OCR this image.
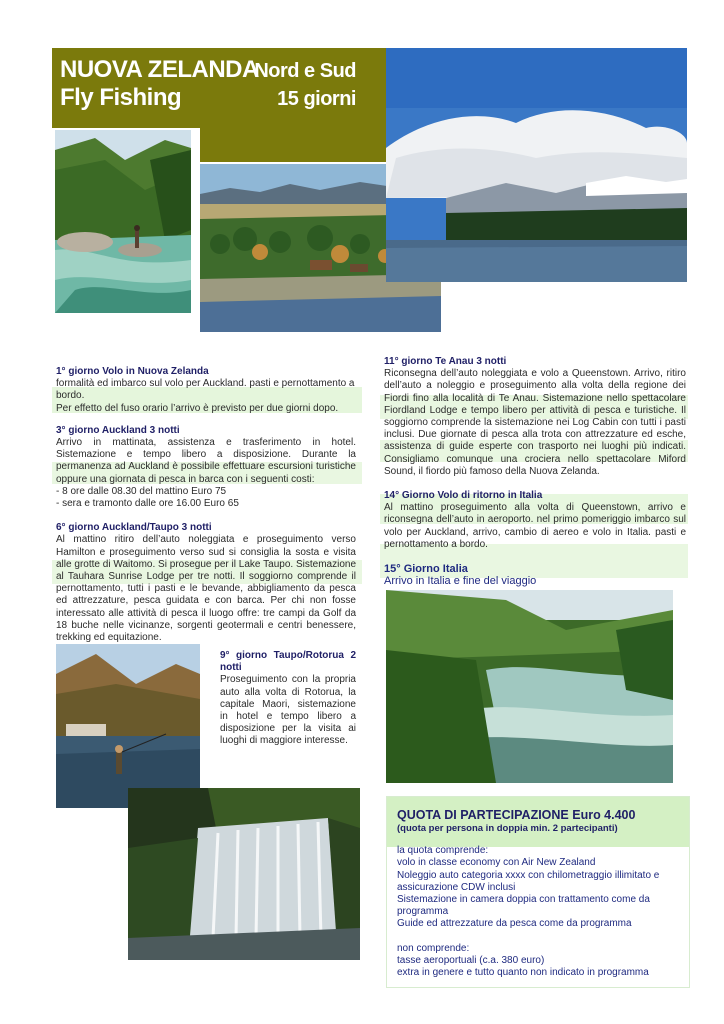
NUOVA ZELANDA
Nord e Sud
Fly Fishing	15 giorni

1° giorno Volo in Nuova Zelanda

formalità ed imbarco sul volo per Auckland. pasti e pernottamento a bordo.

Per effetto del fuso orario l’arrivo è previsto per due giorni dopo.

3° giorno Auckland 3 notti

Arrivo in mattinata, assistenza e trasferimento in hotel. Sistemazione e tempo libero a disposizione. Durante la permanenza ad Auckland è possibile effettuare escursioni turistiche oppure una giornata di pesca in barca con i seguenti costi:

- 8 ore dalle 08.30 del mattino Euro 75

- sera e tramonto dalle ore 16.00 Euro 65

6° giorno Auckland/Taupo 3 notti

Al mattino ritiro dell’auto noleggiata e proseguimento verso Hamilton e proseguimento verso sud si consiglia la sosta e visita alle grotte di Waitomo. Si prosegue per il Lake Taupo. Sistemazione al Tauhara Sunrise Lodge per tre notti. Il soggiorno comprende il pernottamento, tutti i pasti e le bevande, abbigliamento da pesca ed attrezzature, pesca guidata e con barca. Per chi non fosse interessato alle attività di pesca il luogo offre: tre campi da Golf da 18 buche nelle vicinanze, sorgenti geotermali e centri benessere, trekking ed equitazione.

9° giorno Taupo/Rotorua 2 notti

Proseguimento con la propria auto alla volta di Rotorua, la capitale Maori, sistemazione in hotel e tempo libero a disposizione per la visita ai luoghi di maggiore interesse.

11° giorno Te Anau 3 notti

Riconsegna dell’auto noleggiata e volo a Queenstown. Arrivo, ritiro dell’auto a noleggio e proseguimento alla volta della regione dei Fiordi fino alla località di Te Anau. Sistemazione nello spettacolare Fiordland Lodge e tempo libero per attività di pesca e turistiche. Il soggiorno comprende la sistemazione nei Log Cabin con tutti i pasti inclusi. Due giornate di pesca alla trota con attrezzature ed esche, assistenza di guide esperte con trasporto nei luoghi più indicati. Consigliamo comunque una crociera nello spettacolare Miford Sound, il fiordo più famoso della Nuova Zelanda.

14° Giorno Volo di ritorno in Italia

Al mattino proseguimento alla volta di Queenstown, arrivo e riconsegna dell’auto in aeroporto. nel primo pomeriggio imbarco sul volo per Auckland, arrivo, cambio di aereo e volo in Italia. pasti e pernottamento a bordo.

15° Giorno Italia

Arrivo in Italia e fine del viaggio

QUOTA DI PARTECIPAZIONE Euro 4.400

(quota per persona in doppia min. 2 partecipanti)

la quota comprende:

volo in classe economy con Air New Zealand

Noleggio auto categoria xxxx con chilometraggio illimitato e

assicurazione CDW inclusi

Sistemazione in camera doppia con trattamento come da programma

Guide ed attrezzature da pesca come da programma

non comprende:

tasse aeroportuali (c.a. 380 euro)

extra in genere e tutto quanto non indicato in programma
